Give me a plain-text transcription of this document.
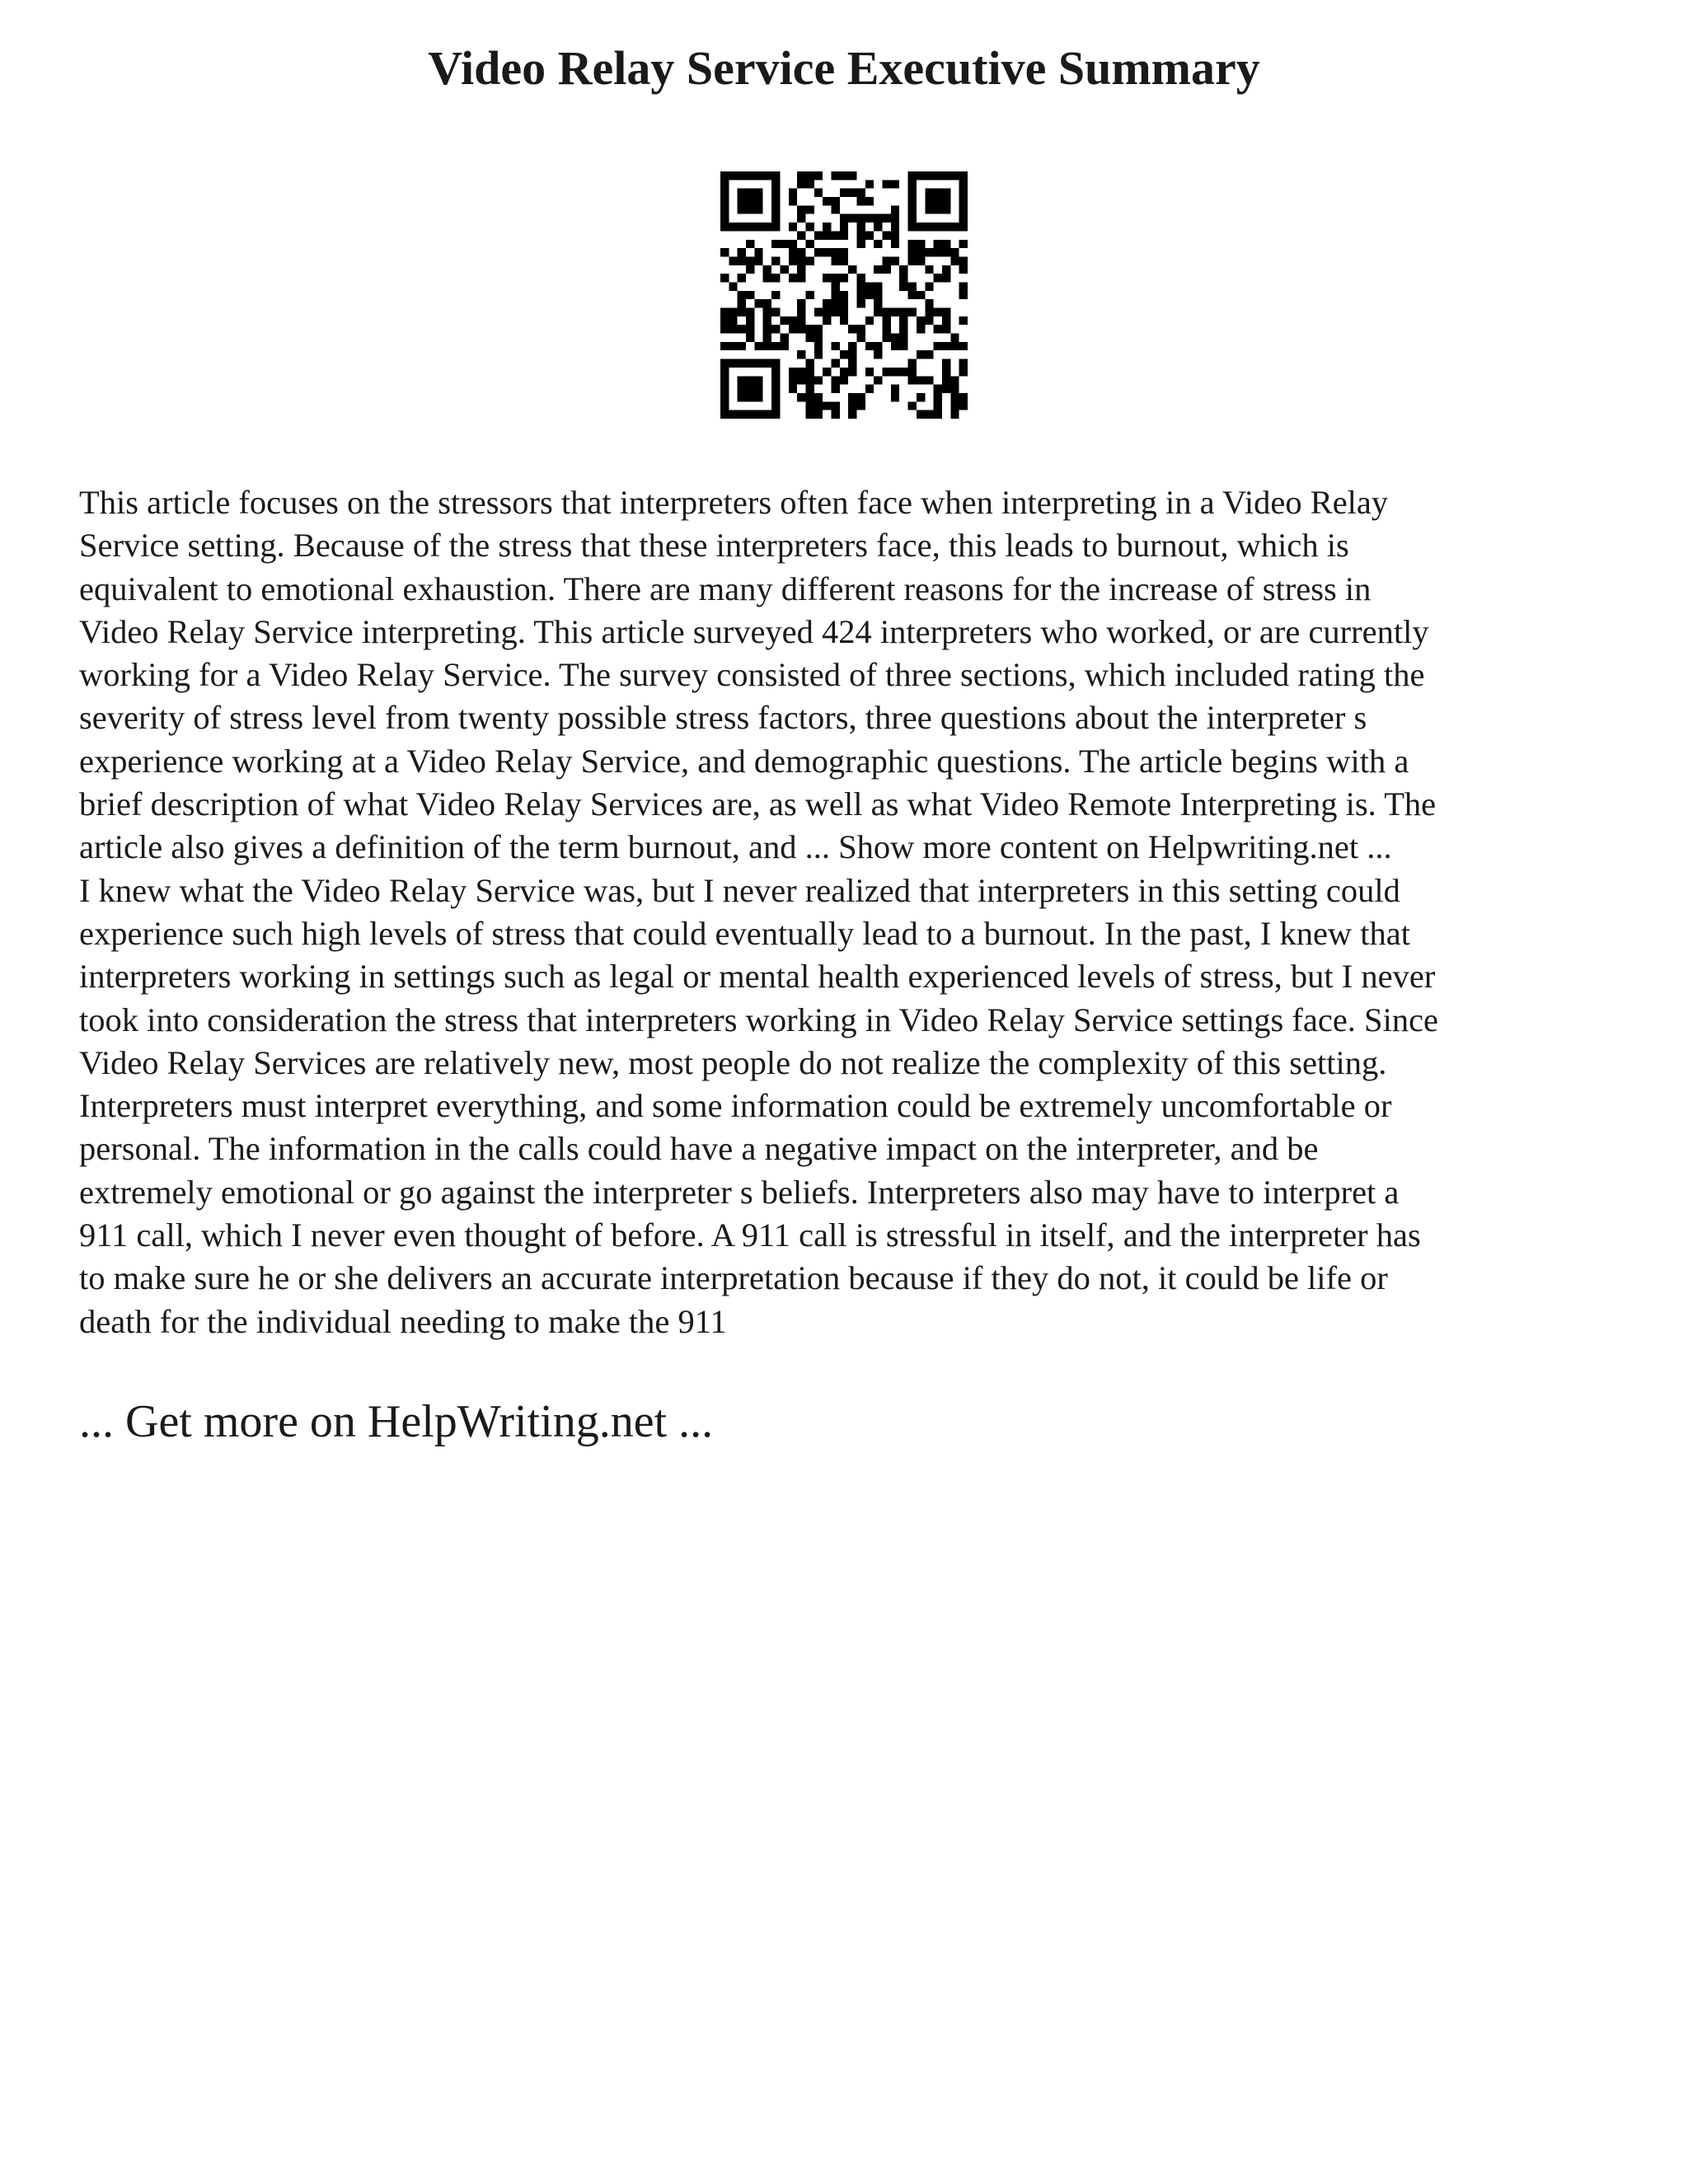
Video Relay Service Executive Summary

This article focuses on the stressors that interpreters often face when interpreting in a Video Relay
Service setting. Because of the stress that these interpreters face, this leads to burnout, which is
equivalent to emotional exhaustion. There are many different reasons for the increase of stress in
Video Relay Service interpreting. This article surveyed 424 interpreters who worked, or are currently
working for a Video Relay Service. The survey consisted of three sections, which included rating the
severity of stress level from twenty possible stress factors, three questions about the interpreter s
experience working at a Video Relay Service, and demographic questions. The article begins with a
brief description of what Video Relay Services are, as well as what Video Remote Interpreting is. The
article also gives a definition of the term burnout, and ... Show more content on Helpwriting.net ...
I knew what the Video Relay Service was, but I never realized that interpreters in this setting could
experience such high levels of stress that could eventually lead to a burnout. In the past, I knew that
interpreters working in settings such as legal or mental health experienced levels of stress, but I never
took into consideration the stress that interpreters working in Video Relay Service settings face. Since
Video Relay Services are relatively new, most people do not realize the complexity of this setting.
Interpreters must interpret everything, and some information could be extremely uncomfortable or
personal. The information in the calls could have a negative impact on the interpreter, and be
extremely emotional or go against the interpreter s beliefs. Interpreters also may have to interpret a
911 call, which I never even thought of before. A 911 call is stressful in itself, and the interpreter has
to make sure he or she delivers an accurate interpretation because if they do not, it could be life or
death for the individual needing to make the 911

... Get more on HelpWriting.net ...
